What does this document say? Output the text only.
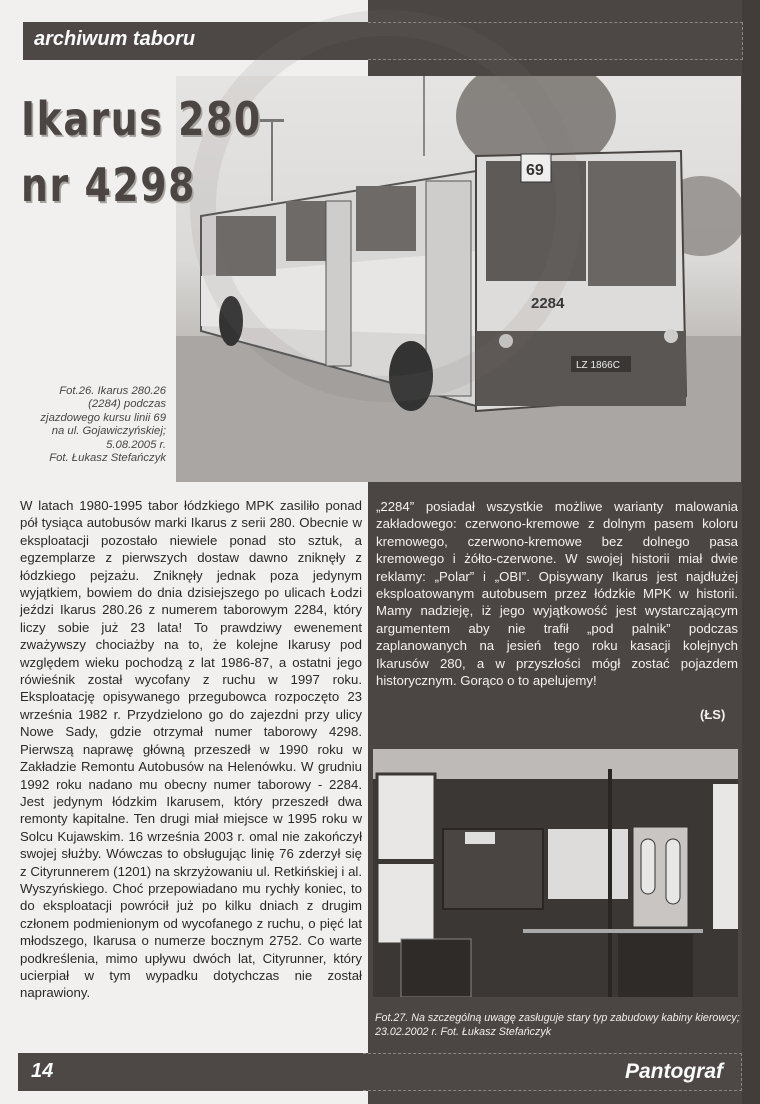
archiwum taboru
69
2284
LZ 1866C
Ikarus 280
nr 4298
Fot.26. Ikarus 280.26
(2284) podczas
zjazdowego kursu linii 69
na ul. Gojawiczyńskiej;
5.08.2005 r.
Fot. Łukasz Stefańczyk
W latach 1980-1995 tabor łódzkiego MPK zasiliło ponad pół tysiąca autobusów marki Ikarus z serii 280. Obecnie w eksploatacji pozostało niewiele ponad sto sztuk, a egzemplarze z pierwszych dostaw dawno zniknęły z łódzkiego pejzażu. Zniknęły jednak poza jedynym wyjątkiem, bowiem do dnia dzisiejszego po ulicach Łodzi jeździ Ikarus 280.26 z numerem taborowym 2284, który liczy sobie już 23 lata! To prawdziwy ewenement zważywszy chociażby na to, że kolejne Ikarusy pod względem wieku pochodzą z lat 1986-87, a ostatni jego rówieśnik został wycofany z ruchu w 1997 roku. Eksploatację opisywanego przegubowca rozpoczęto 23 września 1982 r. Przydzielono go do zajezdni przy ulicy Nowe Sady, gdzie otrzymał numer taborowy 4298. Pierwszą naprawę główną przeszedł w 1990 roku w Zakładzie Remontu Autobusów na Helenówku. W grudniu 1992 roku nadano mu obecny numer taborowy - 2284. Jest jedynym łódzkim Ikarusem, który przeszedł dwa remonty kapitalne. Ten drugi miał miejsce w 1995 roku w Solcu Kujawskim. 16 września 2003 r. omal nie zakończył swojej służby. Wówczas to obsługując linię 76 zderzył się z Cityrunnerem (1201) na skrzyżowaniu ul. Retkińskiej i al. Wyszyńskiego. Choć przepowiadano mu rychły koniec, to do eksploatacji powrócił już po kilku dniach z drugim członem podmienionym od wycofanego z ruchu, o pięć lat młodszego, Ikarusa o numerze bocznym 2752. Co warte podkreślenia, mimo upływu dwóch lat, Cityrunner, który ucierpiał w tym wypadku dotychczas nie został naprawiony.
„2284” posiadał wszystkie możliwe warianty malowania zakładowego: czerwono-kremowe z dolnym pasem koloru kremowego, czerwono-kremowe bez dolnego pasa kremowego i żółto-czerwone. W swojej historii miał dwie reklamy: „Polar” i „OBI”. Opisywany Ikarus jest najdłużej eksploatowanym autobusem przez łódzkie MPK w historii. Mamy nadzieję, iż jego wyjątkowość jest wystarczającym argumentem aby nie trafił „pod palnik” podczas zaplanowanych na jesień tego roku kasacji kolejnych Ikarusów 280, a w przyszłości mógł zostać pojazdem historycznym. Gorąco o to apelujemy!
(ŁS)
Fot.27. Na szczególną uwagę zasługuje stary typ zabudowy kabiny kierowcy; 23.02.2002 r. Fot. Łukasz Stefańczyk
14	Pantograf
